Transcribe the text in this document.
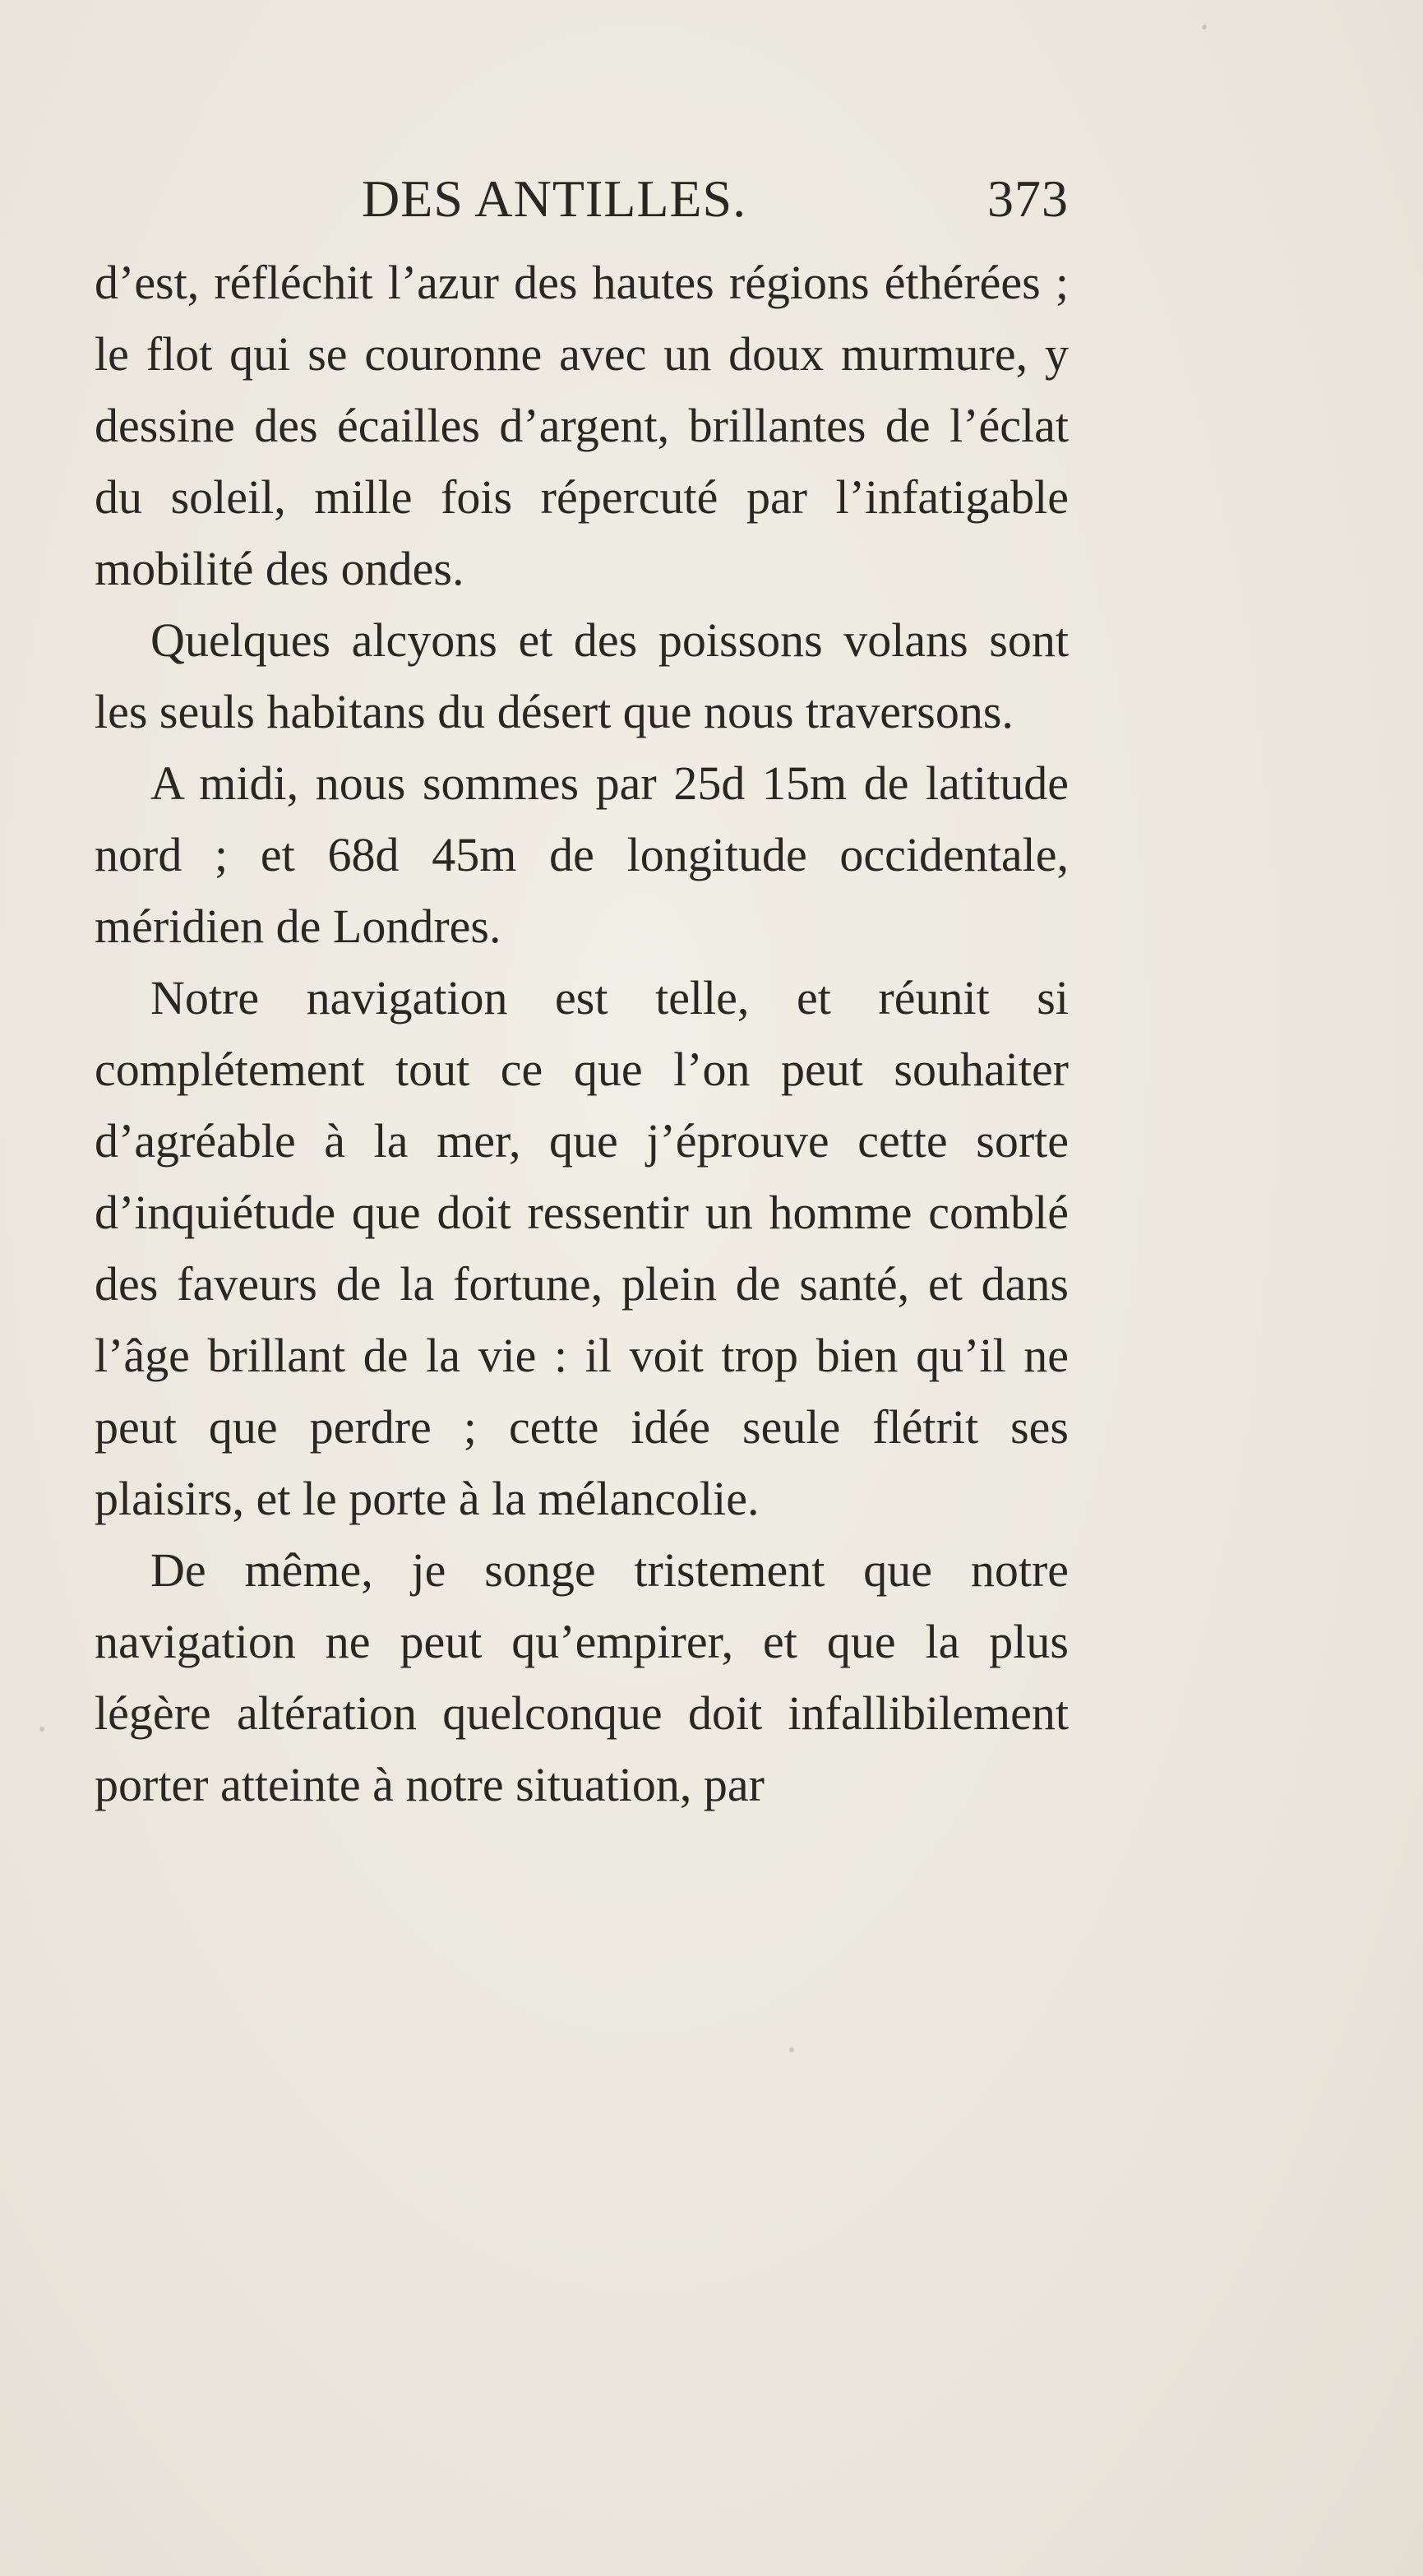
DES ANTILLES.	373

d’est, réfléchit l’azur des hautes régions éthérées ; le flot qui se couronne avec un doux murmure, y dessine des écailles d’argent, brillantes de l’éclat du soleil, mille fois répercuté par l’infatigable mobilité des ondes.

Quelques alcyons et des poissons volans sont les seuls habitans du désert que nous traversons.

A midi, nous sommes par 25d 15m de latitude nord ; et 68d 45m de longitude occidentale, méridien de Londres.

Notre navigation est telle, et réunit si complétement tout ce que l’on peut souhaiter d’agréable à la mer, que j’éprouve cette sorte d’inquiétude que doit ressentir un homme comblé des faveurs de la fortune, plein de santé, et dans l’âge brillant de la vie : il voit trop bien qu’il ne peut que perdre ; cette idée seule flétrit ses plaisirs, et le porte à la mélancolie.

De même, je songe tristement que notre navigation ne peut qu’empirer, et que la plus légère altération quelconque doit infallibilement porter atteinte à notre situation, par
